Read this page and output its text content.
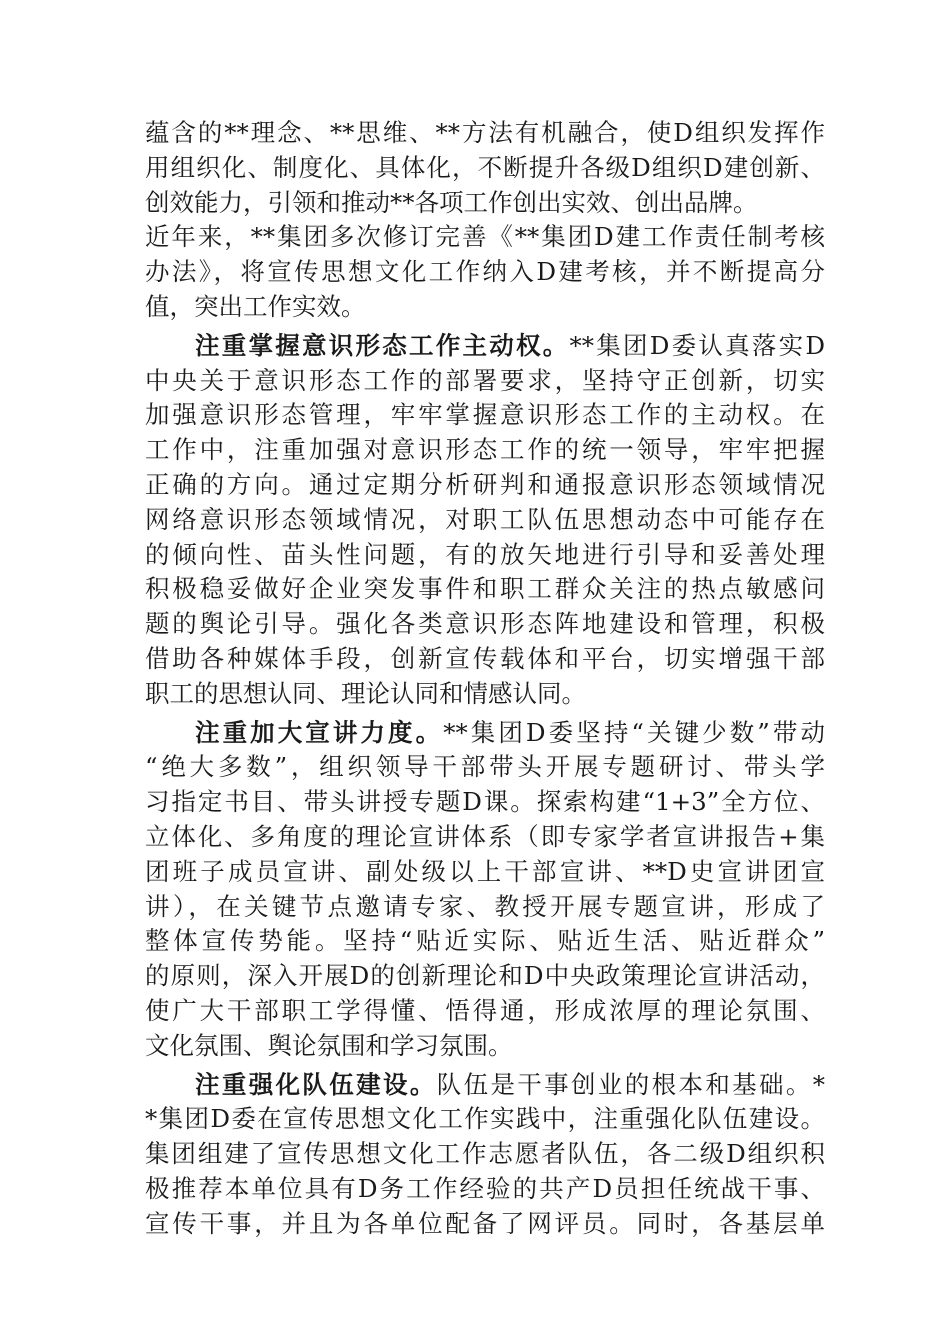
蕴含的**理念、**思维、**方法有机融合，使D组织发挥作
用组织化、制度化、具体化，不断提升各级D组织D建创新、
创效能力，引领和推动**各项工作创出实效、创出品牌。
近年来，**集团多次修订完善《**集团D建工作责任制考核
办法》，将宣传思想文化工作纳入D建考核，并不断提高分
值，突出工作实效。
注重掌握意识形态工作主动权。**集团D委认真落实D
中央关于意识形态工作的部署要求，坚持守正创新，切实
加强意识形态管理，牢牢掌握意识形态工作的主动权。在
工作中，注重加强对意识形态工作的统一领导，牢牢把握
正确的方向。通过定期分析研判和通报意识形态领域情况
网络意识形态领域情况，对职工队伍思想动态中可能存在
的倾向性、苗头性问题，有的放矢地进行引导和妥善处理
积极稳妥做好企业突发事件和职工群众关注的热点敏感问
题的舆论引导。强化各类意识形态阵地建设和管理，积极
借助各种媒体手段，创新宣传载体和平台，切实增强干部
职工的思想认同、理论认同和情感认同。
注重加大宣讲力度。**集团D委坚持“关键少数”带动
“绝大多数”，组织领导干部带头开展专题研讨、带头学
习指定书目、带头讲授专题D课。探索构建“1+3”全方位、
立体化、多角度的理论宣讲体系（即专家学者宣讲报告+集
团班子成员宣讲、副处级以上干部宣讲、**D史宣讲团宣
讲），在关键节点邀请专家、教授开展专题宣讲，形成了
整体宣传势能。坚持“贴近实际、贴近生活、贴近群众”
的原则，深入开展D的创新理论和D中央政策理论宣讲活动，
使广大干部职工学得懂、悟得通，形成浓厚的理论氛围、
文化氛围、舆论氛围和学习氛围。
注重强化队伍建设。队伍是干事创业的根本和基础。*
*集团D委在宣传思想文化工作实践中，注重强化队伍建设。
集团组建了宣传思想文化工作志愿者队伍，各二级D组织积
极推荐本单位具有D务工作经验的共产D员担任统战干事、
宣传干事，并且为各单位配备了网评员。同时，各基层单
